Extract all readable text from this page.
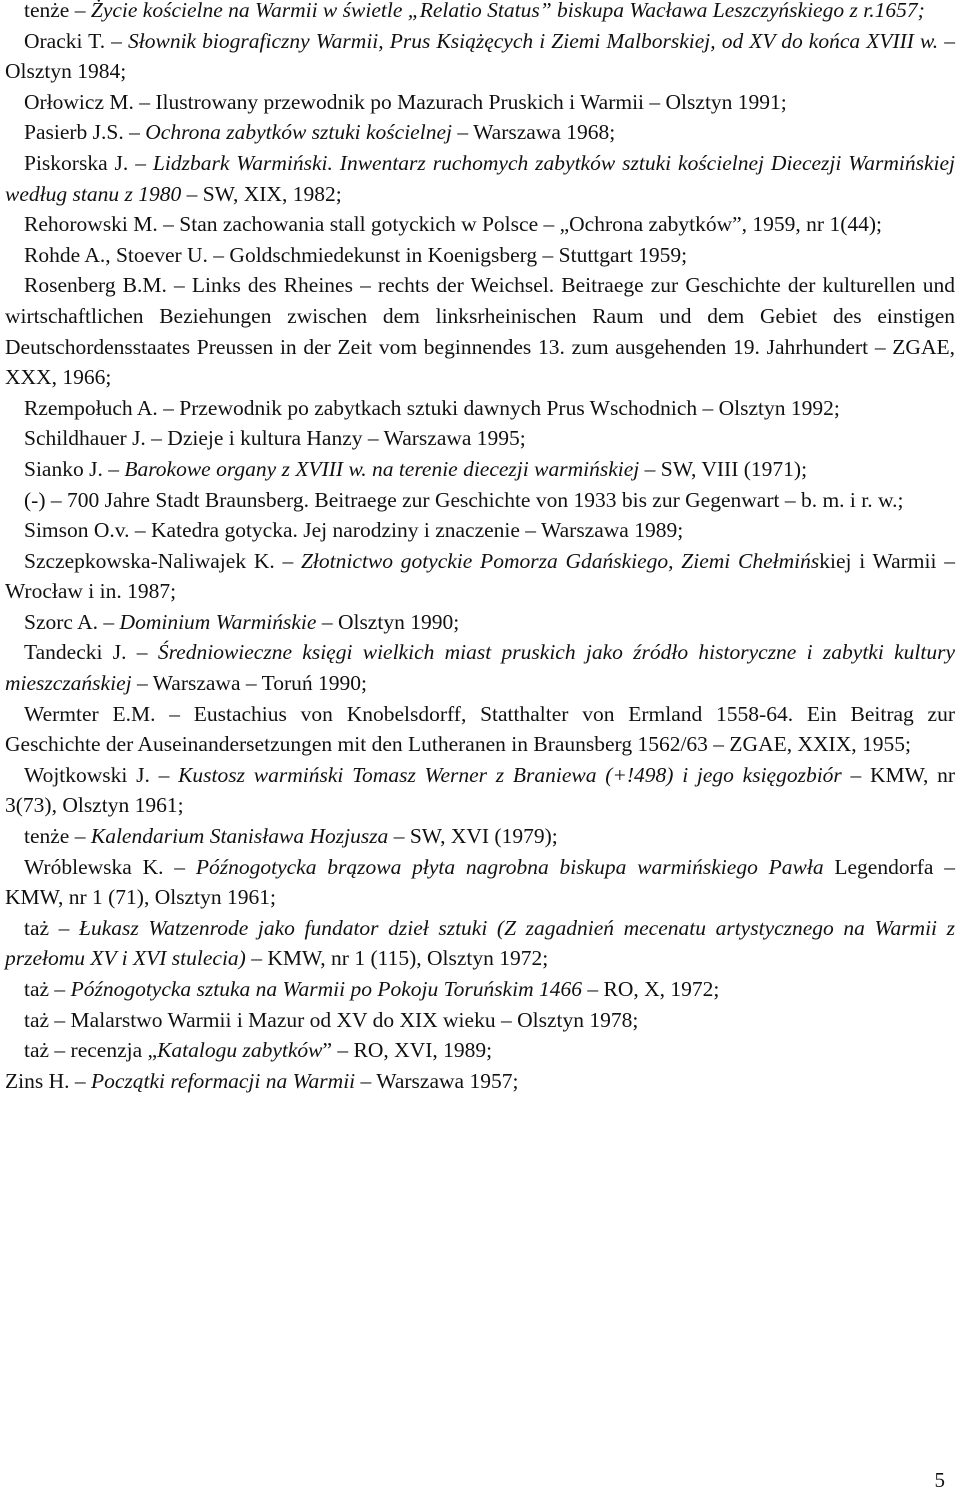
tenże – Życie kościelne na Warmii w świetle „Relatio Status” biskupa Wacława Leszczyńskiego z r.1657;

Oracki T. – Słownik biograficzny Warmii, Prus Książęcych i Ziemi Malborskiej, od XV do końca XVIII w. – Olsztyn 1984;

Orłowicz M. – Ilustrowany przewodnik po Mazurach Pruskich i Warmii – Olsztyn 1991;

Pasierb J.S. – Ochrona zabytków sztuki kościelnej – Warszawa 1968;

Piskorska J. – Lidzbark Warmiński. Inwentarz ruchomych zabytków sztuki kościelnej Diecezji Warmińskiej według stanu z 1980 – SW, XIX, 1982;

Rehorowski M. – Stan zachowania stall gotyckich w Polsce – „Ochrona zabytków”, 1959, nr 1(44);

Rohde A., Stoever U. – Goldschmiedekunst in Koenigsberg – Stuttgart 1959;

Rosenberg B.M. – Links des Rheines – rechts der Weichsel. Beitraege zur Geschichte der kulturellen und wirtschaftlichen Beziehungen zwischen dem linksrheinischen Raum und dem Gebiet des einstigen Deutschordensstaates Preussen in der Zeit vom beginnendes 13. zum ausgehenden 19. Jahrhundert – ZGAE, XXX, 1966;

Rzempołuch A. – Przewodnik po zabytkach sztuki dawnych Prus Wschodnich – Olsztyn 1992;

Schildhauer J. – Dzieje i kultura Hanzy – Warszawa 1995;

Sianko J. – Barokowe organy z XVIII w. na terenie diecezji warmińskiej – SW, VIII (1971);

(-) – 700 Jahre Stadt Braunsberg. Beitraege zur Geschichte von 1933 bis zur Gegenwart – b. m. i r. w.;

Simson O.v. – Katedra gotycka. Jej narodziny i znaczenie – Warszawa 1989;

Szczepkowska-Naliwajek K. – Złotnictwo gotyckie Pomorza Gdańskiego, Ziemi Chełmińskiej i Warmii – Wrocław i in. 1987;

Szorc A. – Dominium Warmińskie – Olsztyn 1990;

Tandecki J. – Średniowieczne księgi wielkich miast pruskich jako źródło historyczne i zabytki kultury mieszczańskiej – Warszawa – Toruń 1990;

Wermter E.M. – Eustachius von Knobelsdorff, Statthalter von Ermland 1558-64. Ein Beitrag zur Geschichte der Auseinandersetzungen mit den Lutheranen in Braunsberg 1562/63 – ZGAE, XXIX, 1955;

Wojtkowski J. – Kustosz warmiński Tomasz Werner z Braniewa (+!498) i jego księgozbiór – KMW, nr 3(73), Olsztyn 1961;

tenże – Kalendarium Stanisława Hozjusza – SW, XVI (1979);

Wróblewska K. – Późnogotycka brązowa płyta nagrobna biskupa warmińskiego Pawła Legendorfa – KMW, nr 1 (71), Olsztyn 1961;

taż – Łukasz Watzenrode jako fundator dzieł sztuki (Z zagadnień mecenatu artystycznego na Warmii z przełomu XV i XVI stulecia) – KMW, nr 1 (115), Olsztyn 1972;

taż – Późnogotycka sztuka na Warmii po Pokoju Toruńskim 1466 – RO, X, 1972;

taż – Malarstwo Warmii i Mazur od XV do XIX wieku – Olsztyn 1978;

taż – recenzja „Katalogu zabytków” – RO, XVI, 1989;

Zins H. – Początki reformacji na Warmii – Warszawa 1957;

5
